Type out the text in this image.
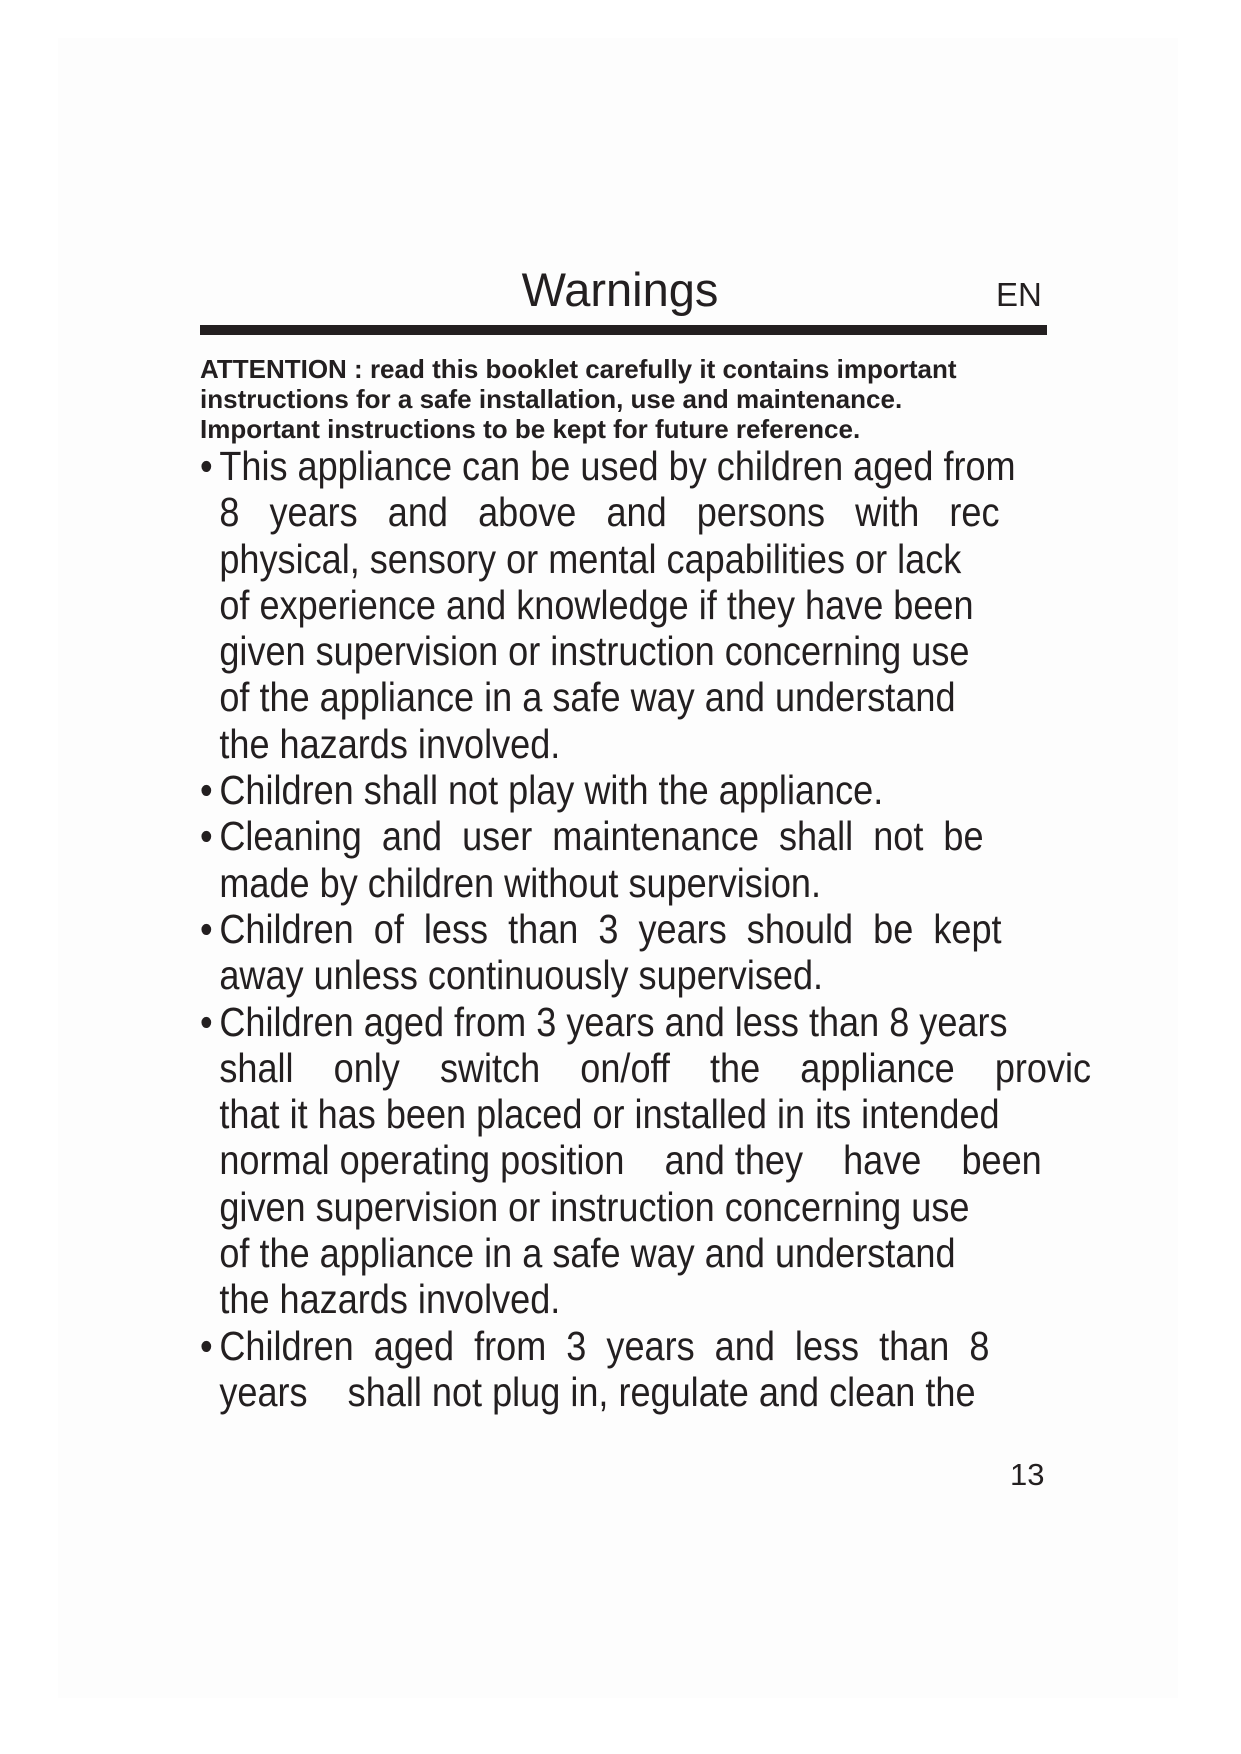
Warnings	EN
ATTENTION : read this booklet carefully it contains important
instructions for a safe installation, use and maintenance.
Important instructions to be kept for future reference.
• This appliance can be used by children aged from
8   years   and   above   and   persons   with   rec
physical, sensory or mental capabilities or lack
of experience and knowledge if they have been
given supervision or instruction concerning use
of the appliance in a safe way and understand
the hazards involved.
• Children shall not play with the appliance.
• Cleaning  and  user  maintenance  shall  not  be
made by children without supervision.
• Children  of  less  than  3  years  should  be  kept
away unless continuously supervised.
• Children aged from 3 years and less than 8 years
shall    only    switch    on/off    the    appliance    provic
that it has been placed or installed in its intended
normal operating position    and they    have    been
given supervision or instruction concerning use
of the appliance in a safe way and understand
the hazards involved.
• Children  aged  from  3  years  and  less  than  8
years    shall not plug in, regulate and clean the
13
